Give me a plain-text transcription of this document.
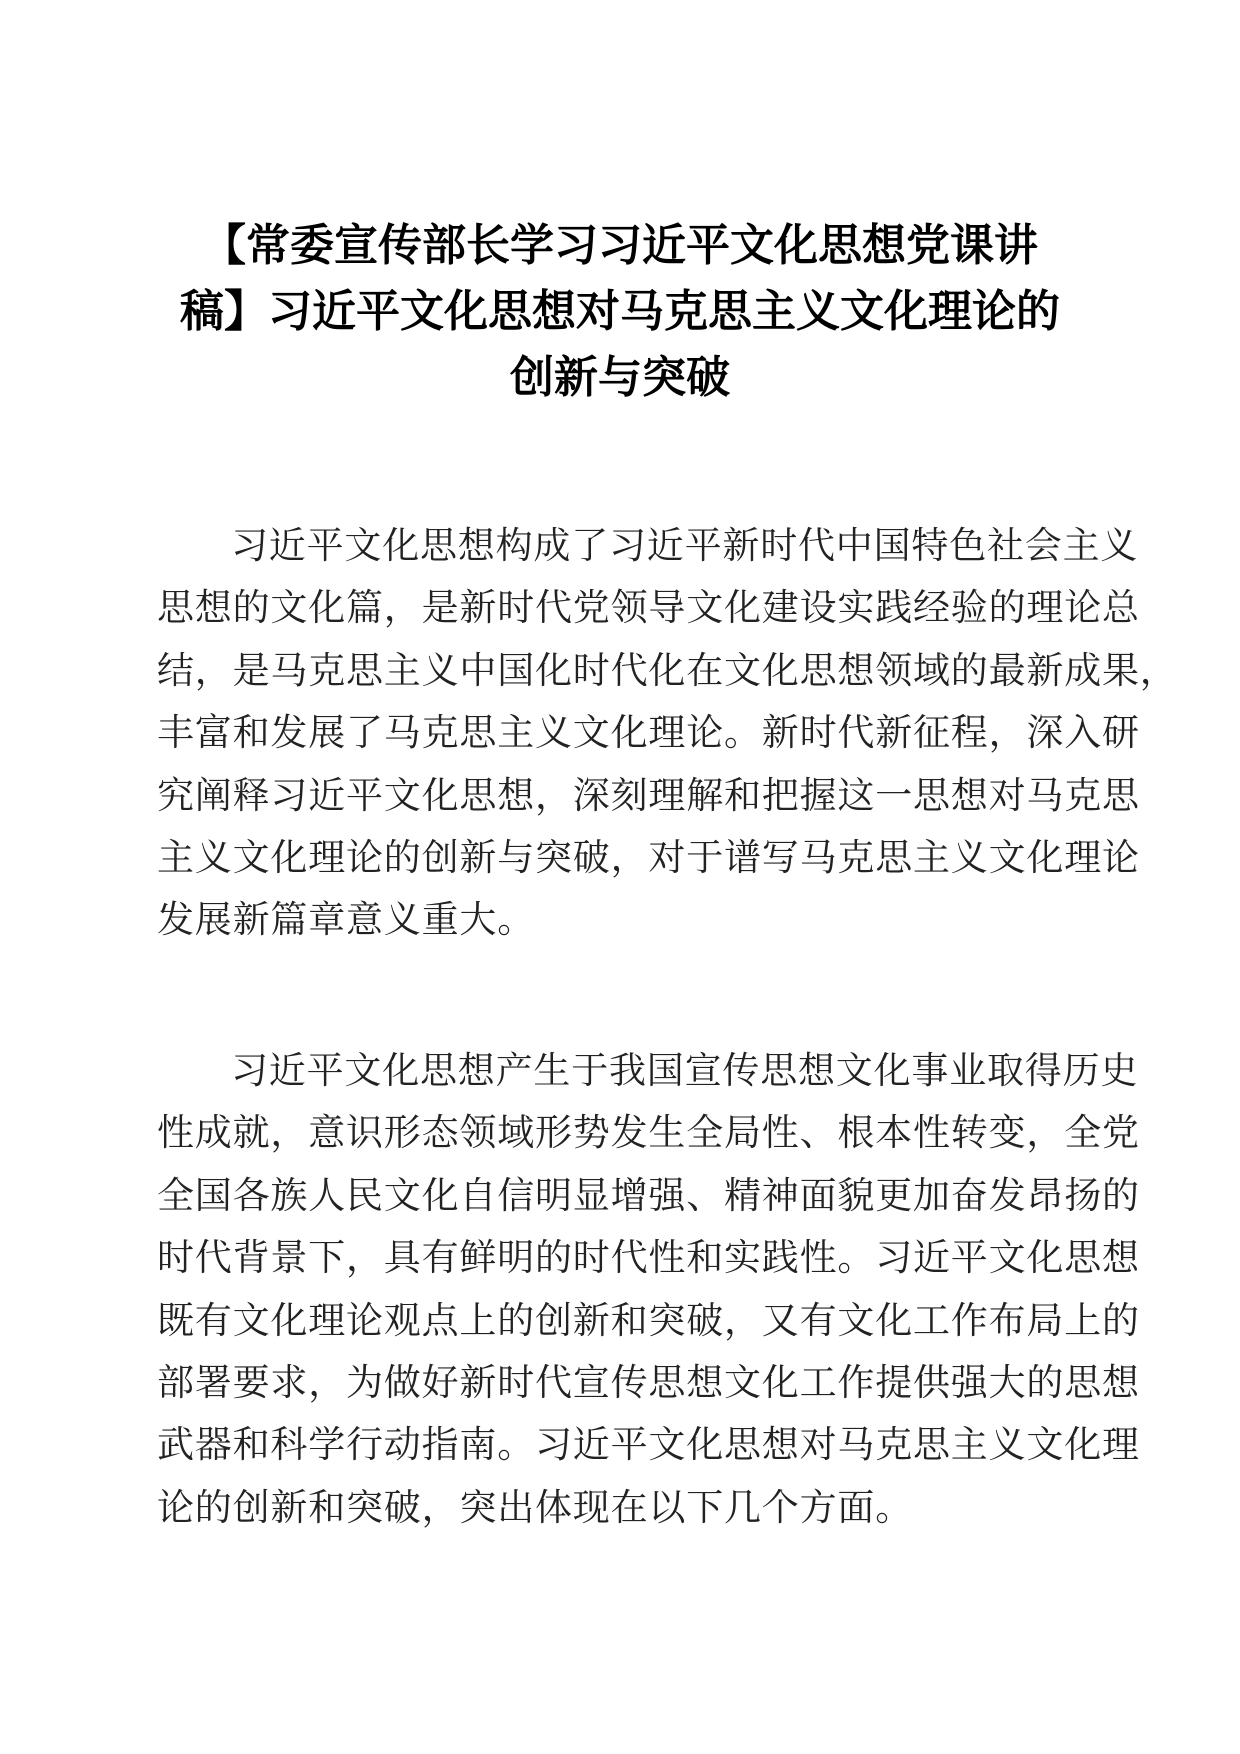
【常委宣传部长学习习近平文化思想党课讲
稿】习近平文化思想对马克思主义文化理论的
创新与突破

习近平文化思想构成了习近平新时代中国特色社会主义
思想的文化篇，是新时代党领导文化建设实践经验的理论总
结，是马克思主义中国化时代化在文化思想领域的最新成果，
丰富和发展了马克思主义文化理论。新时代新征程，深入研
究阐释习近平文化思想，深刻理解和把握这一思想对马克思
主义文化理论的创新与突破，对于谱写马克思主义文化理论
发展新篇章意义重大。

习近平文化思想产生于我国宣传思想文化事业取得历史
性成就，意识形态领域形势发生全局性、根本性转变，全党
全国各族人民文化自信明显增强、精神面貌更加奋发昂扬的
时代背景下，具有鲜明的时代性和实践性。习近平文化思想
既有文化理论观点上的创新和突破，又有文化工作布局上的
部署要求，为做好新时代宣传思想文化工作提供强大的思想
武器和科学行动指南。习近平文化思想对马克思主义文化理
论的创新和突破，突出体现在以下几个方面。
